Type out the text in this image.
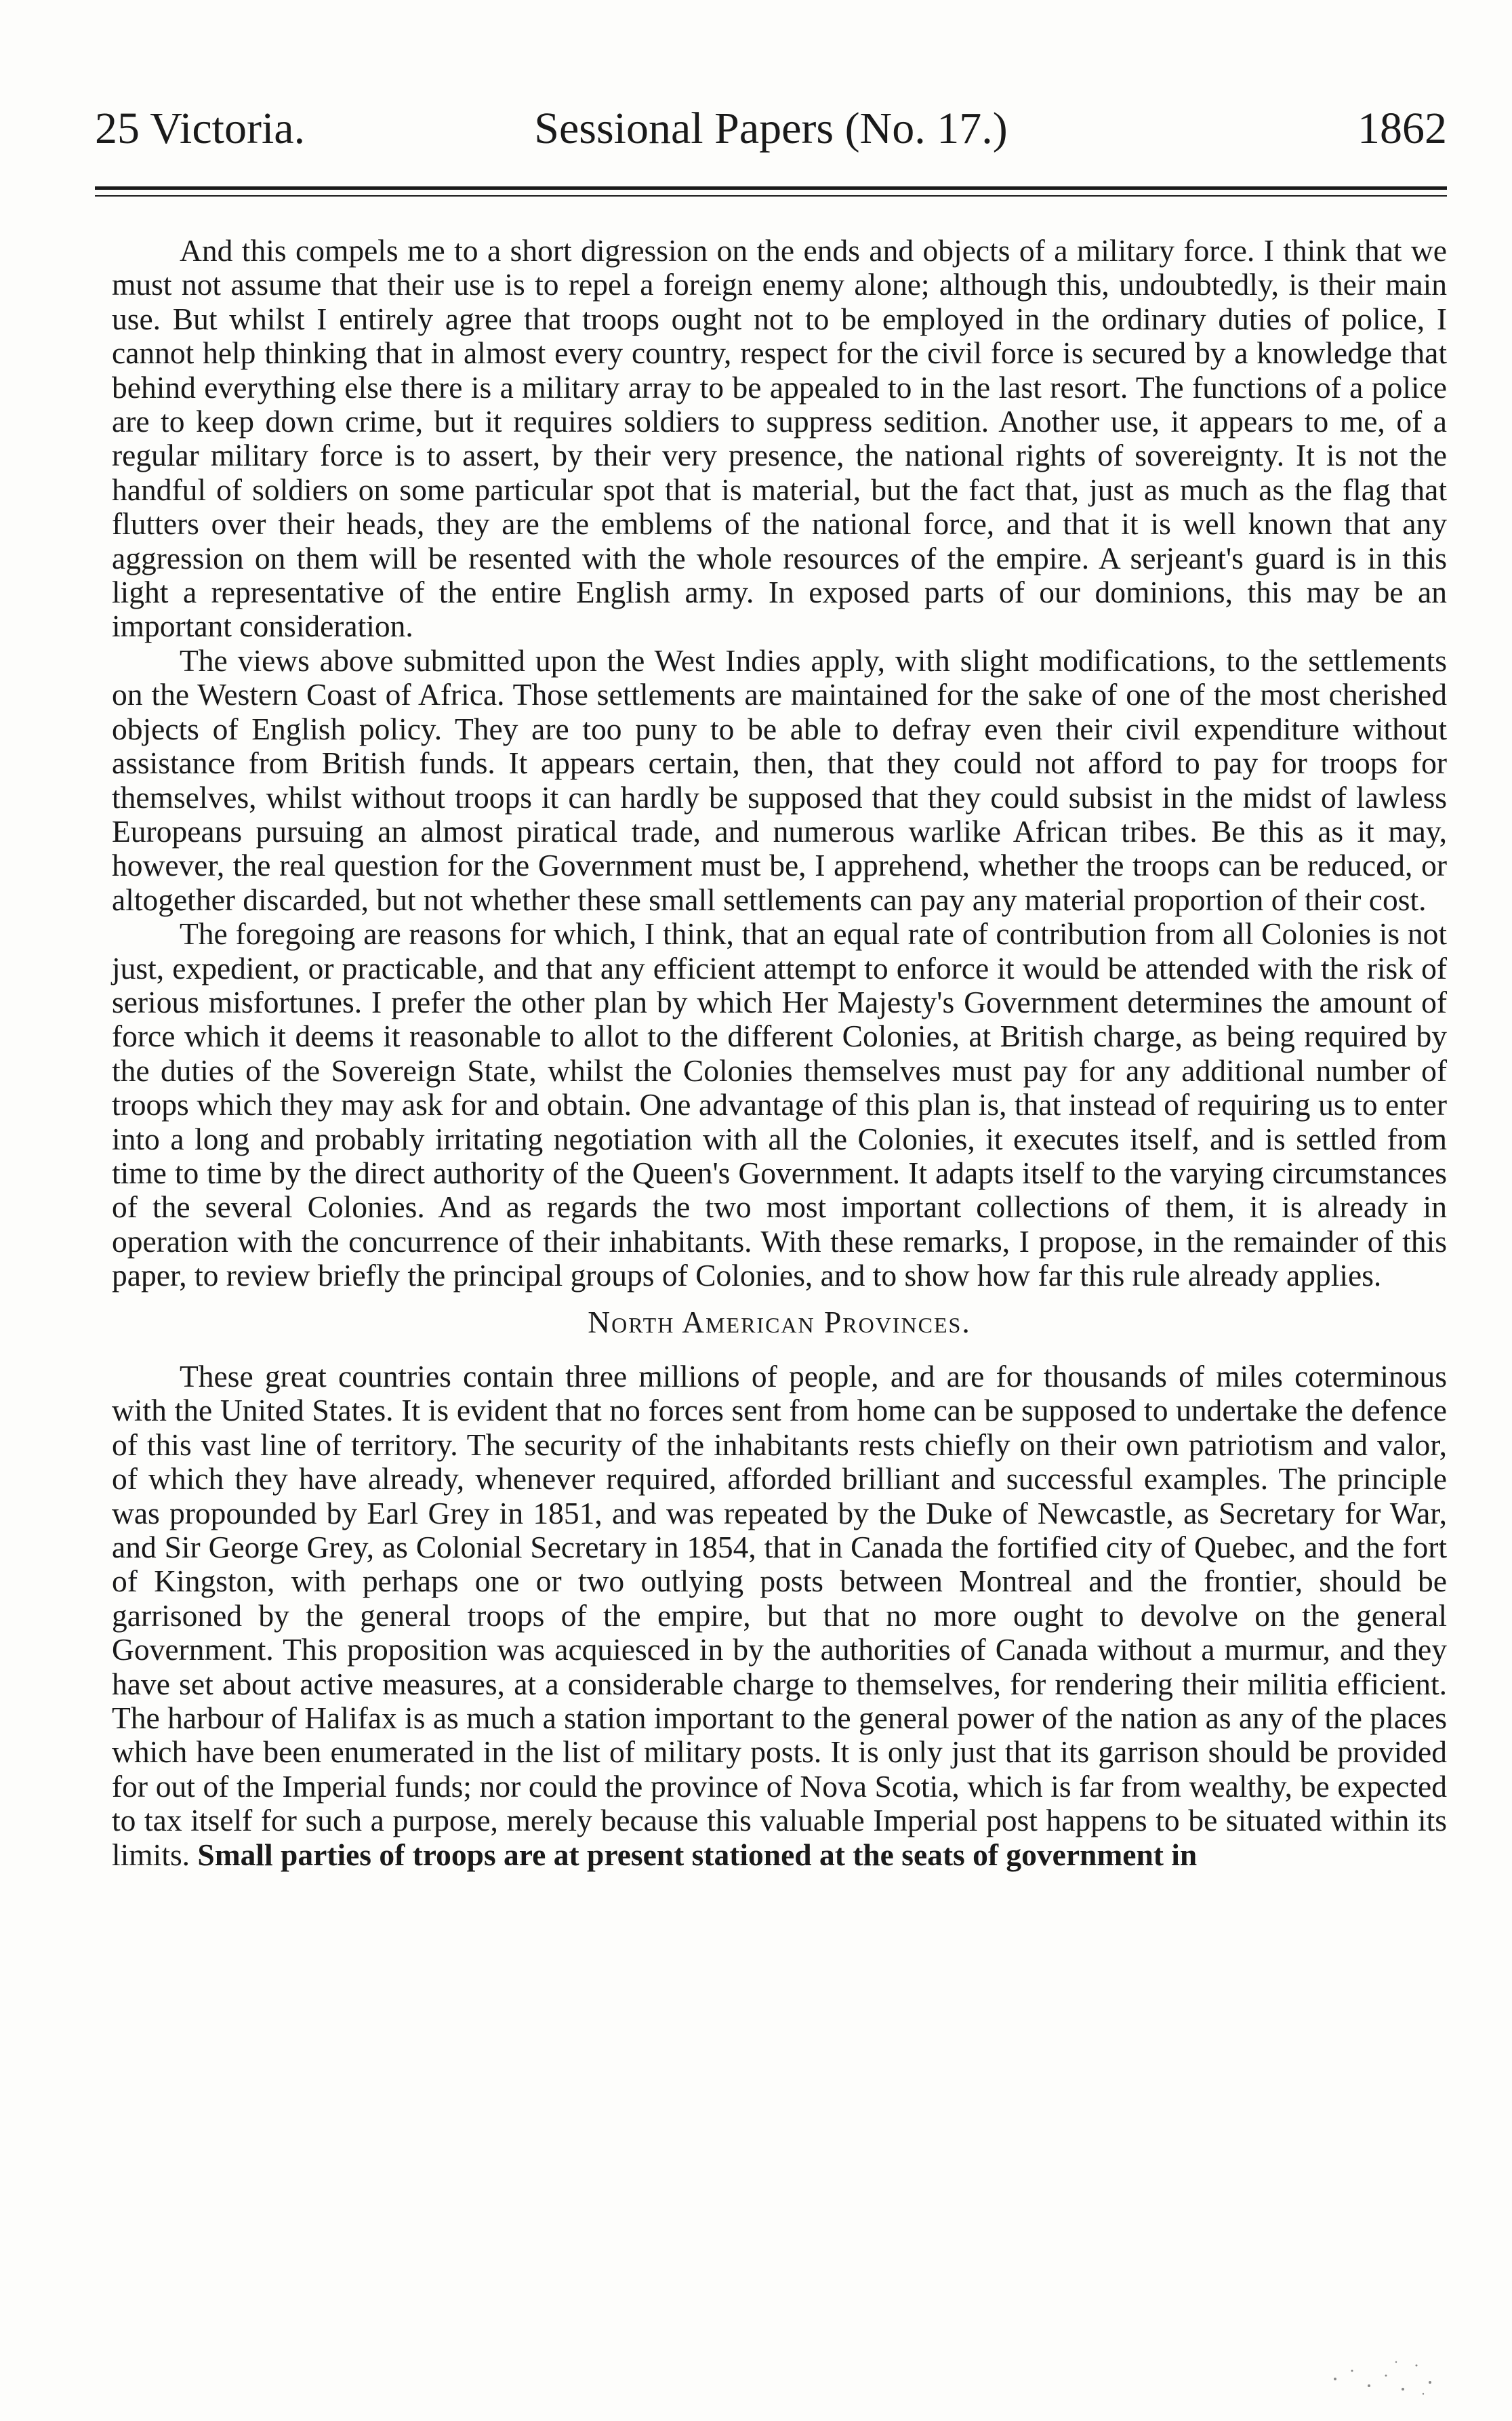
25 Victoria.	Sessional Papers (No. 17.)	1862

And this compels me to a short digression on the ends and objects of a military force. I think that we must not assume that their use is to repel a foreign enemy alone; although this, undoubtedly, is their main use. But whilst I entirely agree that troops ought not to be employed in the ordinary duties of police, I cannot help thinking that in almost every country, respect for the civil force is secured by a knowledge that behind everything else there is a military array to be appealed to in the last resort. The functions of a police are to keep down crime, but it requires soldiers to suppress sedition. Another use, it appears to me, of a regular military force is to assert, by their very presence, the national rights of sovereignty. It is not the handful of soldiers on some particular spot that is material, but the fact that, just as much as the flag that flutters over their heads, they are the emblems of the national force, and that it is well known that any aggression on them will be resented with the whole resources of the empire. A serjeant's guard is in this light a representative of the entire English army. In exposed parts of our dominions, this may be an important consideration.

The views above submitted upon the West Indies apply, with slight modifications, to the settlements on the Western Coast of Africa. Those settlements are maintained for the sake of one of the most cherished objects of English policy. They are too puny to be able to defray even their civil expenditure without assistance from British funds. It appears certain, then, that they could not afford to pay for troops for themselves, whilst without troops it can hardly be supposed that they could subsist in the midst of lawless Europeans pursuing an almost piratical trade, and numerous warlike African tribes. Be this as it may, however, the real question for the Government must be, I apprehend, whether the troops can be reduced, or altogether discarded, but not whether these small settlements can pay any material proportion of their cost.

The foregoing are reasons for which, I think, that an equal rate of contribution from all Colonies is not just, expedient, or practicable, and that any efficient attempt to enforce it would be attended with the risk of serious misfortunes. I prefer the other plan by which Her Majesty's Government determines the amount of force which it deems it reasonable to allot to the different Colonies, at British charge, as being required by the duties of the Sovereign State, whilst the Colonies themselves must pay for any additional number of troops which they may ask for and obtain. One advantage of this plan is, that instead of requiring us to enter into a long and probably irritating negotiation with all the Colonies, it executes itself, and is settled from time to time by the direct authority of the Queen's Government. It adapts itself to the varying circumstances of the several Colonies. And as regards the two most important collections of them, it is already in operation with the concurrence of their inhabitants. With these remarks, I propose, in the remainder of this paper, to review briefly the principal groups of Colonies, and to show how far this rule already applies.

North American Provinces.

These great countries contain three millions of people, and are for thousands of miles coterminous with the United States. It is evident that no forces sent from home can be supposed to undertake the defence of this vast line of territory. The security of the inhabitants rests chiefly on their own patriotism and valor, of which they have already, whenever required, afforded brilliant and successful examples. The principle was propounded by Earl Grey in 1851, and was repeated by the Duke of Newcastle, as Secretary for War, and Sir George Grey, as Colonial Secretary in 1854, that in Canada the fortified city of Quebec, and the fort of Kingston, with perhaps one or two outlying posts between Montreal and the frontier, should be garrisoned by the general troops of the empire, but that no more ought to devolve on the general Government. This proposition was acquiesced in by the authorities of Canada without a murmur, and they have set about active measures, at a considerable charge to themselves, for rendering their militia efficient. The harbour of Halifax is as much a station important to the general power of the nation as any of the places which have been enumerated in the list of military posts. It is only just that its garrison should be provided for out of the Imperial funds; nor could the province of Nova Scotia, which is far from wealthy, be expected to tax itself for such a purpose, merely because this valuable Imperial post happens to be situated within its limits. Small parties of troops are at present stationed at the seats of government in
